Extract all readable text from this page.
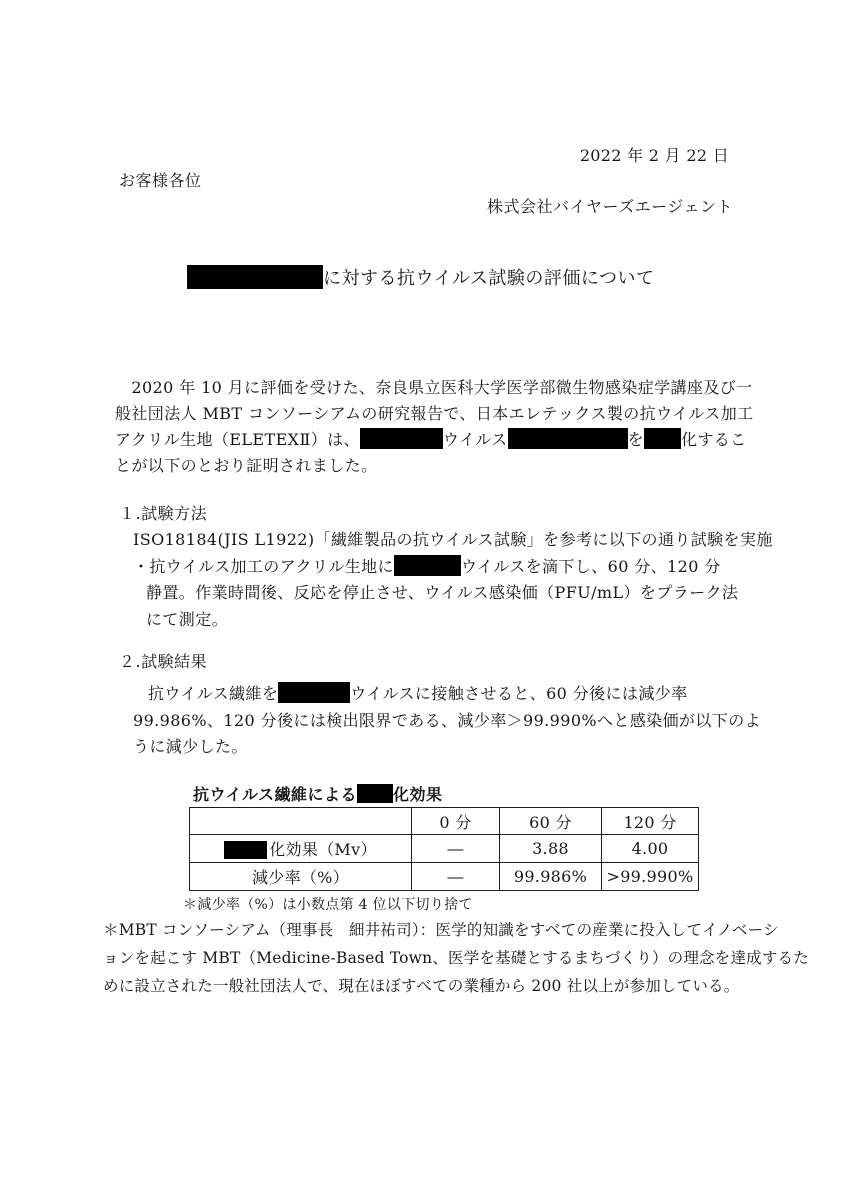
2022 年 2 月 22 日
お客様各位
株式会社バイヤーズエージェント
に対する抗ウイルス試験の評価について
　2020 年 10 月に評価を受けた、奈良県立医科大学医学部微生物感染症学講座及び一
般社団法人 MBT コンソーシアムの研究報告で、日本エレテックス製の抗ウイルス加工
アクリル生地（ELETEXⅡ）は、	ウイルス	を 化するこ
とが以下のとおり証明されました。
１.試験方法
ISO18184(JIS L1922)「繊維製品の抗ウイルス試験」を参考に以下の通り試験を実施
・抗ウイルス加工のアクリル生地に	ウイルスを滴下し、60 分、120 分
静置。作業時間後、反応を停止させ、ウイルス感染価（PFU/mL）をプラーク法
にて測定。
２.試験結果
抗ウイルス繊維を	ウイルスに接触させると、60 分後には減少率
99.986%、120 分後には検出限界である、減少率＞99.990%へと感染価が以下のよ
うに減少した。
抗ウイルス繊維による 化効果
	0 分	60 分	120 分
化効果（Mv）	―	3.88	4.00
減少率（%）	―	99.986%	>99.990%
＊減少率（%）は小数点第 4 位以下切り捨て
＊MBT コンソーシアム（理事長　細井祐司）：医学的知識をすべての産業に投入してイノベーシ
ョンを起こす MBT（Medicine-Based Town、医学を基礎とするまちづくり）の理念を達成するた
めに設立された一般社団法人で、現在ほぼすべての業種から 200 社以上が参加している。
